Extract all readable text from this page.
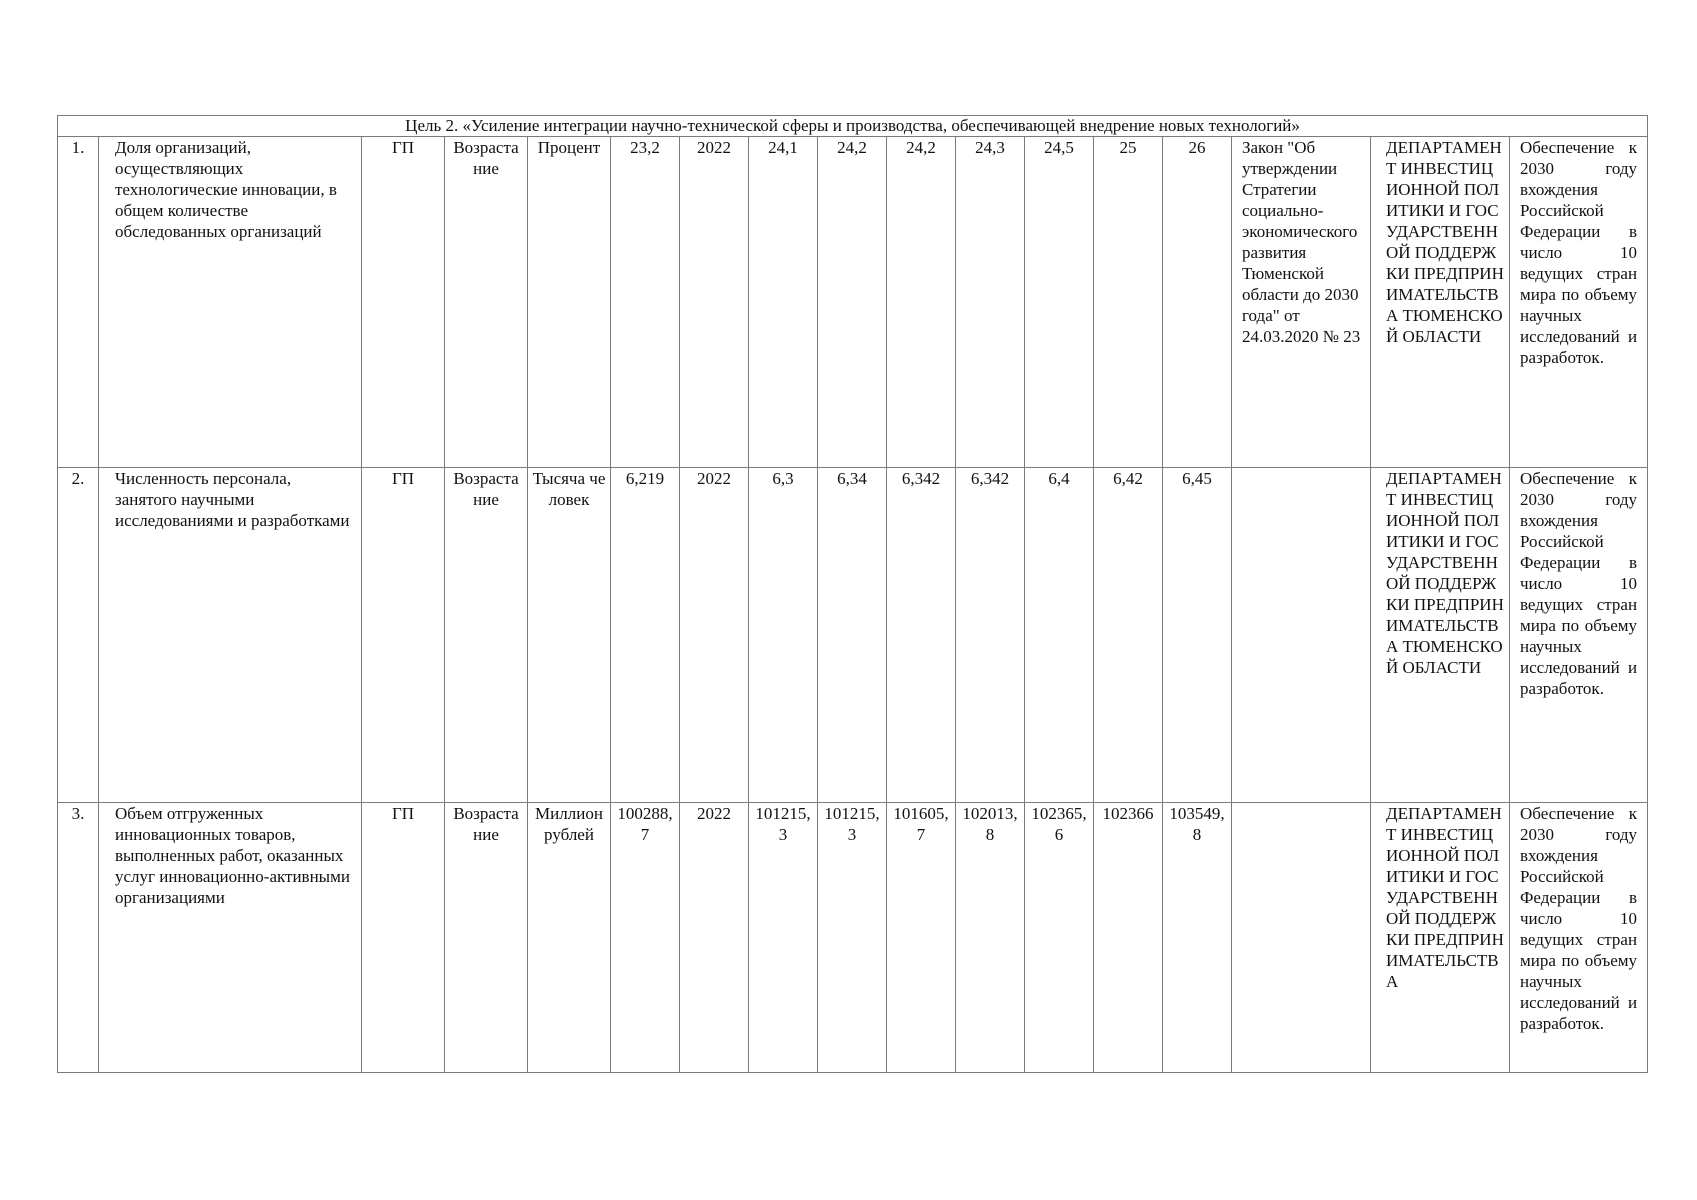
Цель 2. «Усиление интеграции научно-технической сферы и производства, обеспечивающей внедрение новых технологий»																
1.	Доля организаций, осуществляющих технологические инновации, в общем количестве обследованных организаций	ГП	Возрастание	Процент	23,2	2022	24,1	24,2	24,2	24,3	24,5	25	26	Закон "Об утверждении Стратегии социально-экономического развития Тюменской области до 2030 года" от 24.03.2020 № 23	ДЕПАРТАМЕНТ ИНВЕСТИЦИОННОЙ ПОЛИТИКИ И ГОСУДАРСТВЕННОЙ ПОДДЕРЖКИ ПРЕДПРИНИМАТЕЛЬСТВА ТЮМЕНСКОЙ ОБЛАСТИ	Обеспечение к 2030 году вхождения Российской Федерации в число 10 ведущих стран мира по объему научных исследований и разработок.
2.	Численность персонала, занятого научными исследованиями и разработками	ГП	Возрастание	Тысяча человек	6,219	2022	6,3	6,34	6,342	6,342	6,4	6,42	6,45		ДЕПАРТАМЕНТ ИНВЕСТИЦИОННОЙ ПОЛИТИКИ И ГОСУДАРСТВЕННОЙ ПОДДЕРЖКИ ПРЕДПРИНИМАТЕЛЬСТВА ТЮМЕНСКОЙ ОБЛАСТИ	Обеспечение к 2030 году вхождения Российской Федерации в число 10 ведущих стран мира по объему научных исследований и разработок.
3.	Объем отгруженных инновационных товаров, выполненных работ, оказанных услуг инновационно-активными организациями	ГП	Возрастание	Миллион рублей	100288,7	2022	101215,3	101215,3	101605,7	102013,8	102365,6	102366	103549,8		ДЕПАРТАМЕНТ ИНВЕСТИЦИОННОЙ ПОЛИТИКИ И ГОСУДАРСТВЕННОЙ ПОДДЕРЖКИ ПРЕДПРИНИМАТЕЛЬСТВА	Обеспечение к 2030 году вхождения Российской Федерации в число 10 ведущих стран мира по объему научных исследований и разработок.
